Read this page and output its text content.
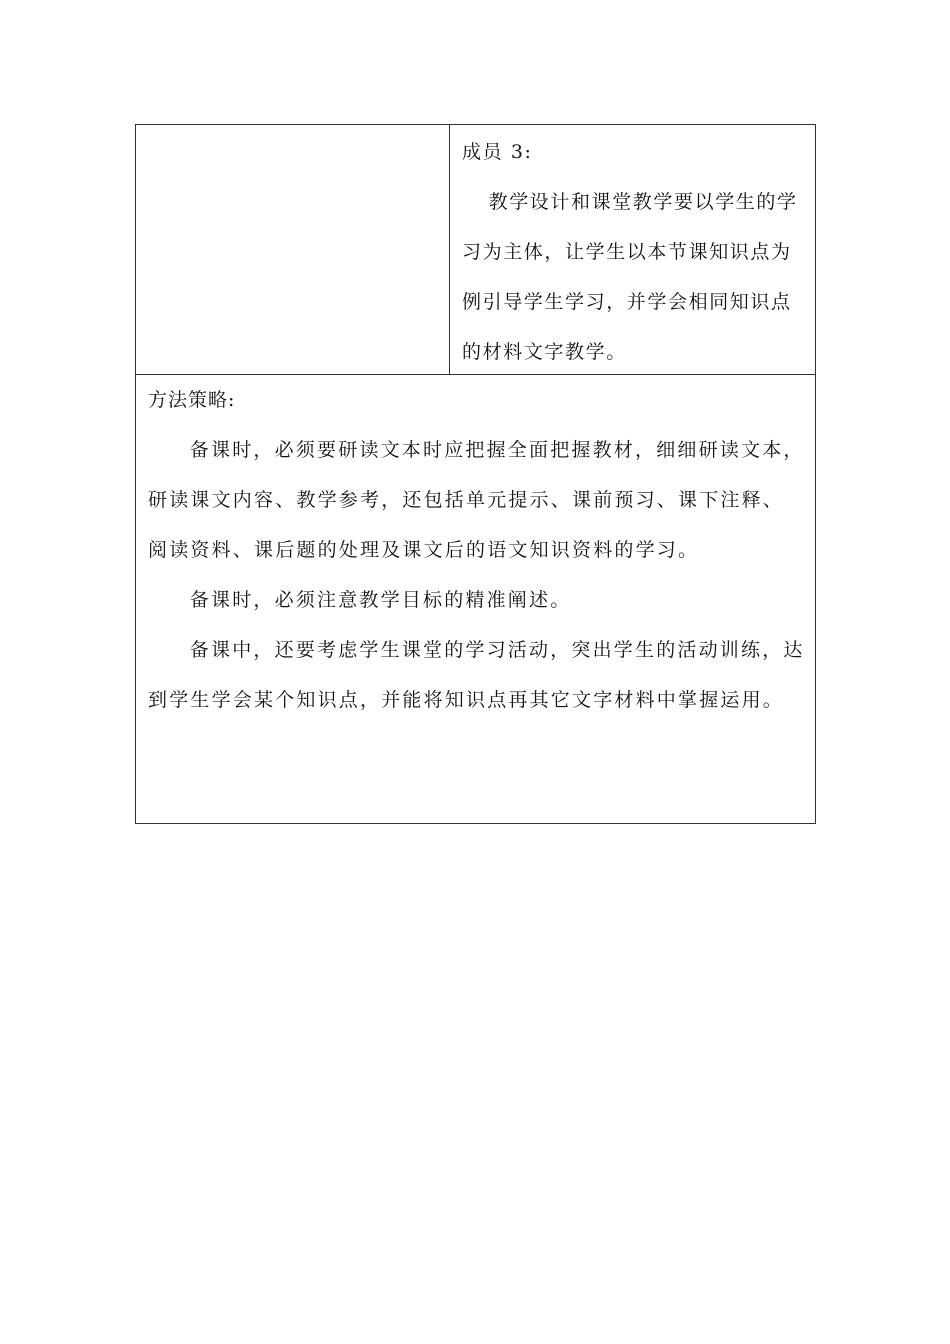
成员 3:

教学设计和课堂教学要以学生的学习为主体，让学生以本节课知识点为例引导学生学习，并学会相同知识点的材料文字教学。

方法策略:

备课时，必须要研读文本时应把握全面把握教材，细细研读文本，研读课文内容、教学参考，还包括单元提示、课前预习、课下注释、阅读资料、课后题的处理及课文后的语文知识资料的学习。

备课时，必须注意教学目标的精准阐述。

备课中，还要考虑学生课堂的学习活动，突出学生的活动训练，达到学生学会某个知识点，并能将知识点再其它文字材料中掌握运用。
